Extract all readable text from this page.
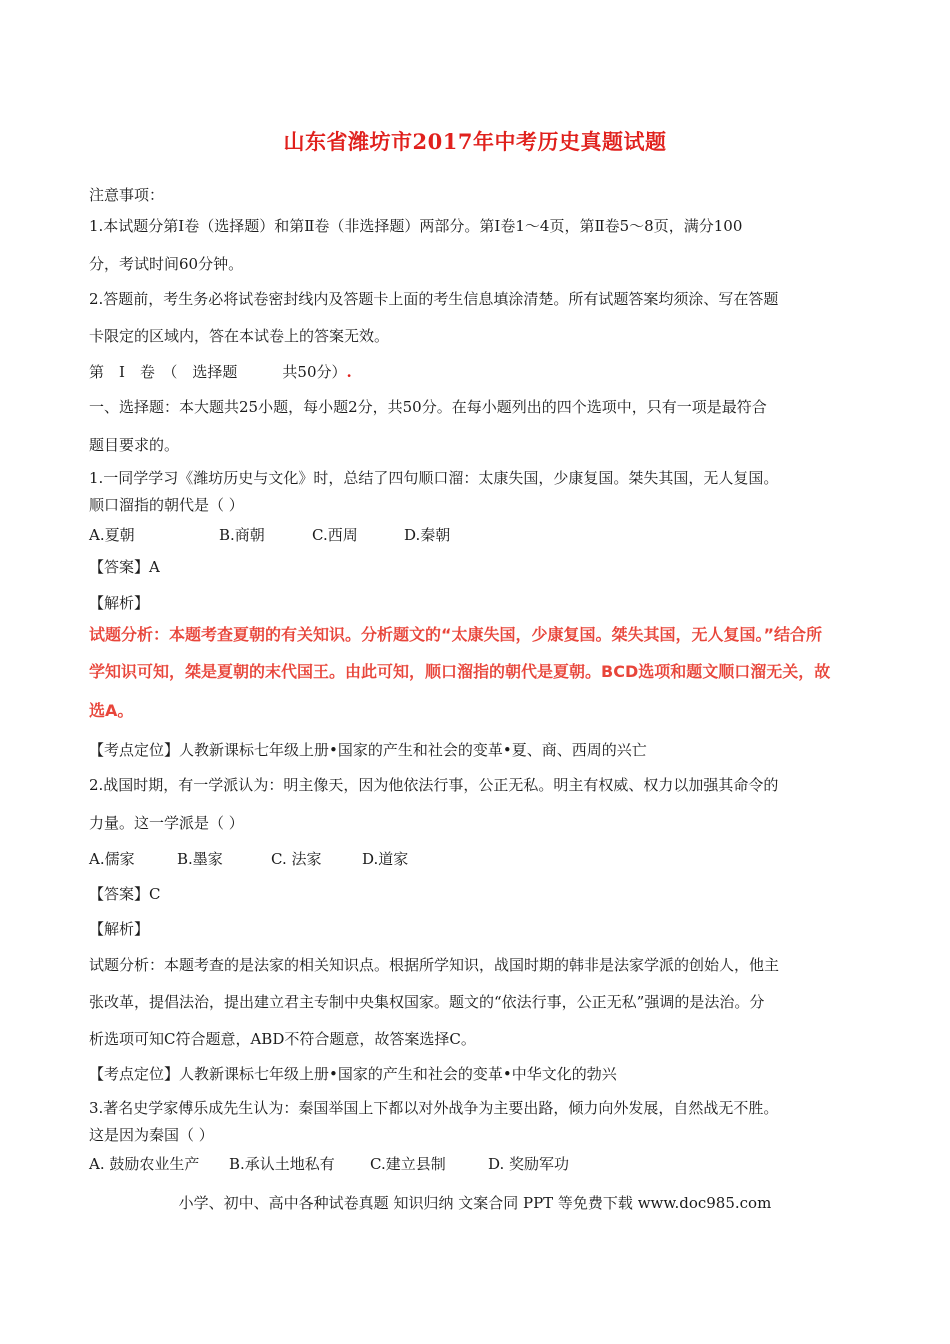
山东省潍坊市2017年中考历史真题试题
注意事项：
1.本试题分第Ⅰ卷（选择题）和第Ⅱ卷（非选择题）两部分。第Ⅰ卷1～4页，第Ⅱ卷5～8页，满分100
分，考试时间60分钟。
2.答题前，考生务必将试卷密封线内及答题卡上面的考生信息填涂清楚。所有试题答案均须涂、写在答题
卡限定的区域内，答在本试卷上的答案无效。
第　Ⅰ　卷　（　选择题　　　共50分）.
一、选择题：本大题共25小题，每小题2分，共50分。在每小题列出的四个选项中，只有一项是最符合
题目要求的。
1.一同学学习《潍坊历史与文化》时，总结了四句顺口溜：太康失国，少康复国。桀失其国，无人复国。
顺口溜指的朝代是（ ）
A.夏朝	B.商朝	C.西周	D.秦朝
【答案】A
【解析】
试题分析：本题考查夏朝的有关知识。分析题文的“太康失国，少康复国。桀失其国，无人复国。”结合所
学知识可知，桀是夏朝的末代国王。由此可知，顺口溜指的朝代是夏朝。BCD选项和题文顺口溜无关，故
选A。
【考点定位】人教新课标七年级上册•国家的产生和社会的变革•夏、商、西周的兴亡
2.战国时期，有一学派认为：明主像天，因为他依法行事，公正无私。明主有权威、权力以加强其命令的
力量。这一学派是（ ）
A.儒家	B.墨家	C. 法家	D.道家
【答案】C
【解析】
试题分析：本题考查的是法家的相关知识点。根据所学知识，战国时期的韩非是法家学派的创始人，他主
张改革，提倡法治，提出建立君主专制中央集权国家。题文的“依法行事，公正无私”强调的是法治。分
析选项可知C符合题意，ABD不符合题意，故答案选择C。
【考点定位】人教新课标七年级上册•国家的产生和社会的变革•中华文化的勃兴
3.著名史学家傅乐成先生认为：秦国举国上下都以对外战争为主要出路，倾力向外发展，自然战无不胜。
这是因为秦国（ ）
A. 鼓励农业生产 B.承认土地私有 C.建立县制	D. 奖励军功
小学、初中、高中各种试卷真题 知识归纳 文案合同 PPT 等免费下载 www.doc985.com
